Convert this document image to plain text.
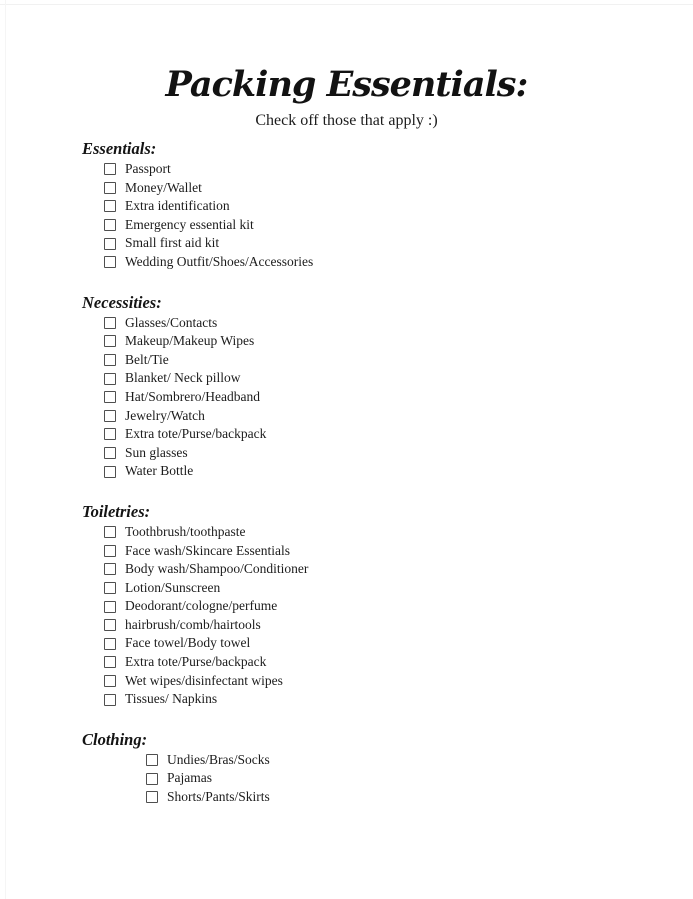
Packing Essentials:
Check off those that apply :)
Essentials:
Passport
Money/Wallet
Extra identification
Emergency essential kit
Small first aid kit
Wedding Outfit/Shoes/Accessories
Necessities:
Glasses/Contacts
Makeup/Makeup Wipes
Belt/Tie
Blanket/ Neck pillow
Hat/Sombrero/Headband
Jewelry/Watch
Extra tote/Purse/backpack
Sun glasses
Water Bottle
Toiletries:
Toothbrush/toothpaste
Face wash/Skincare Essentials
Body wash/Shampoo/Conditioner
Lotion/Sunscreen
Deodorant/cologne/perfume
hairbrush/comb/hairtools
Face towel/Body towel
Extra tote/Purse/backpack
Wet wipes/disinfectant wipes
Tissues/ Napkins
Clothing:
Undies/Bras/Socks
Pajamas
Shorts/Pants/Skirts
